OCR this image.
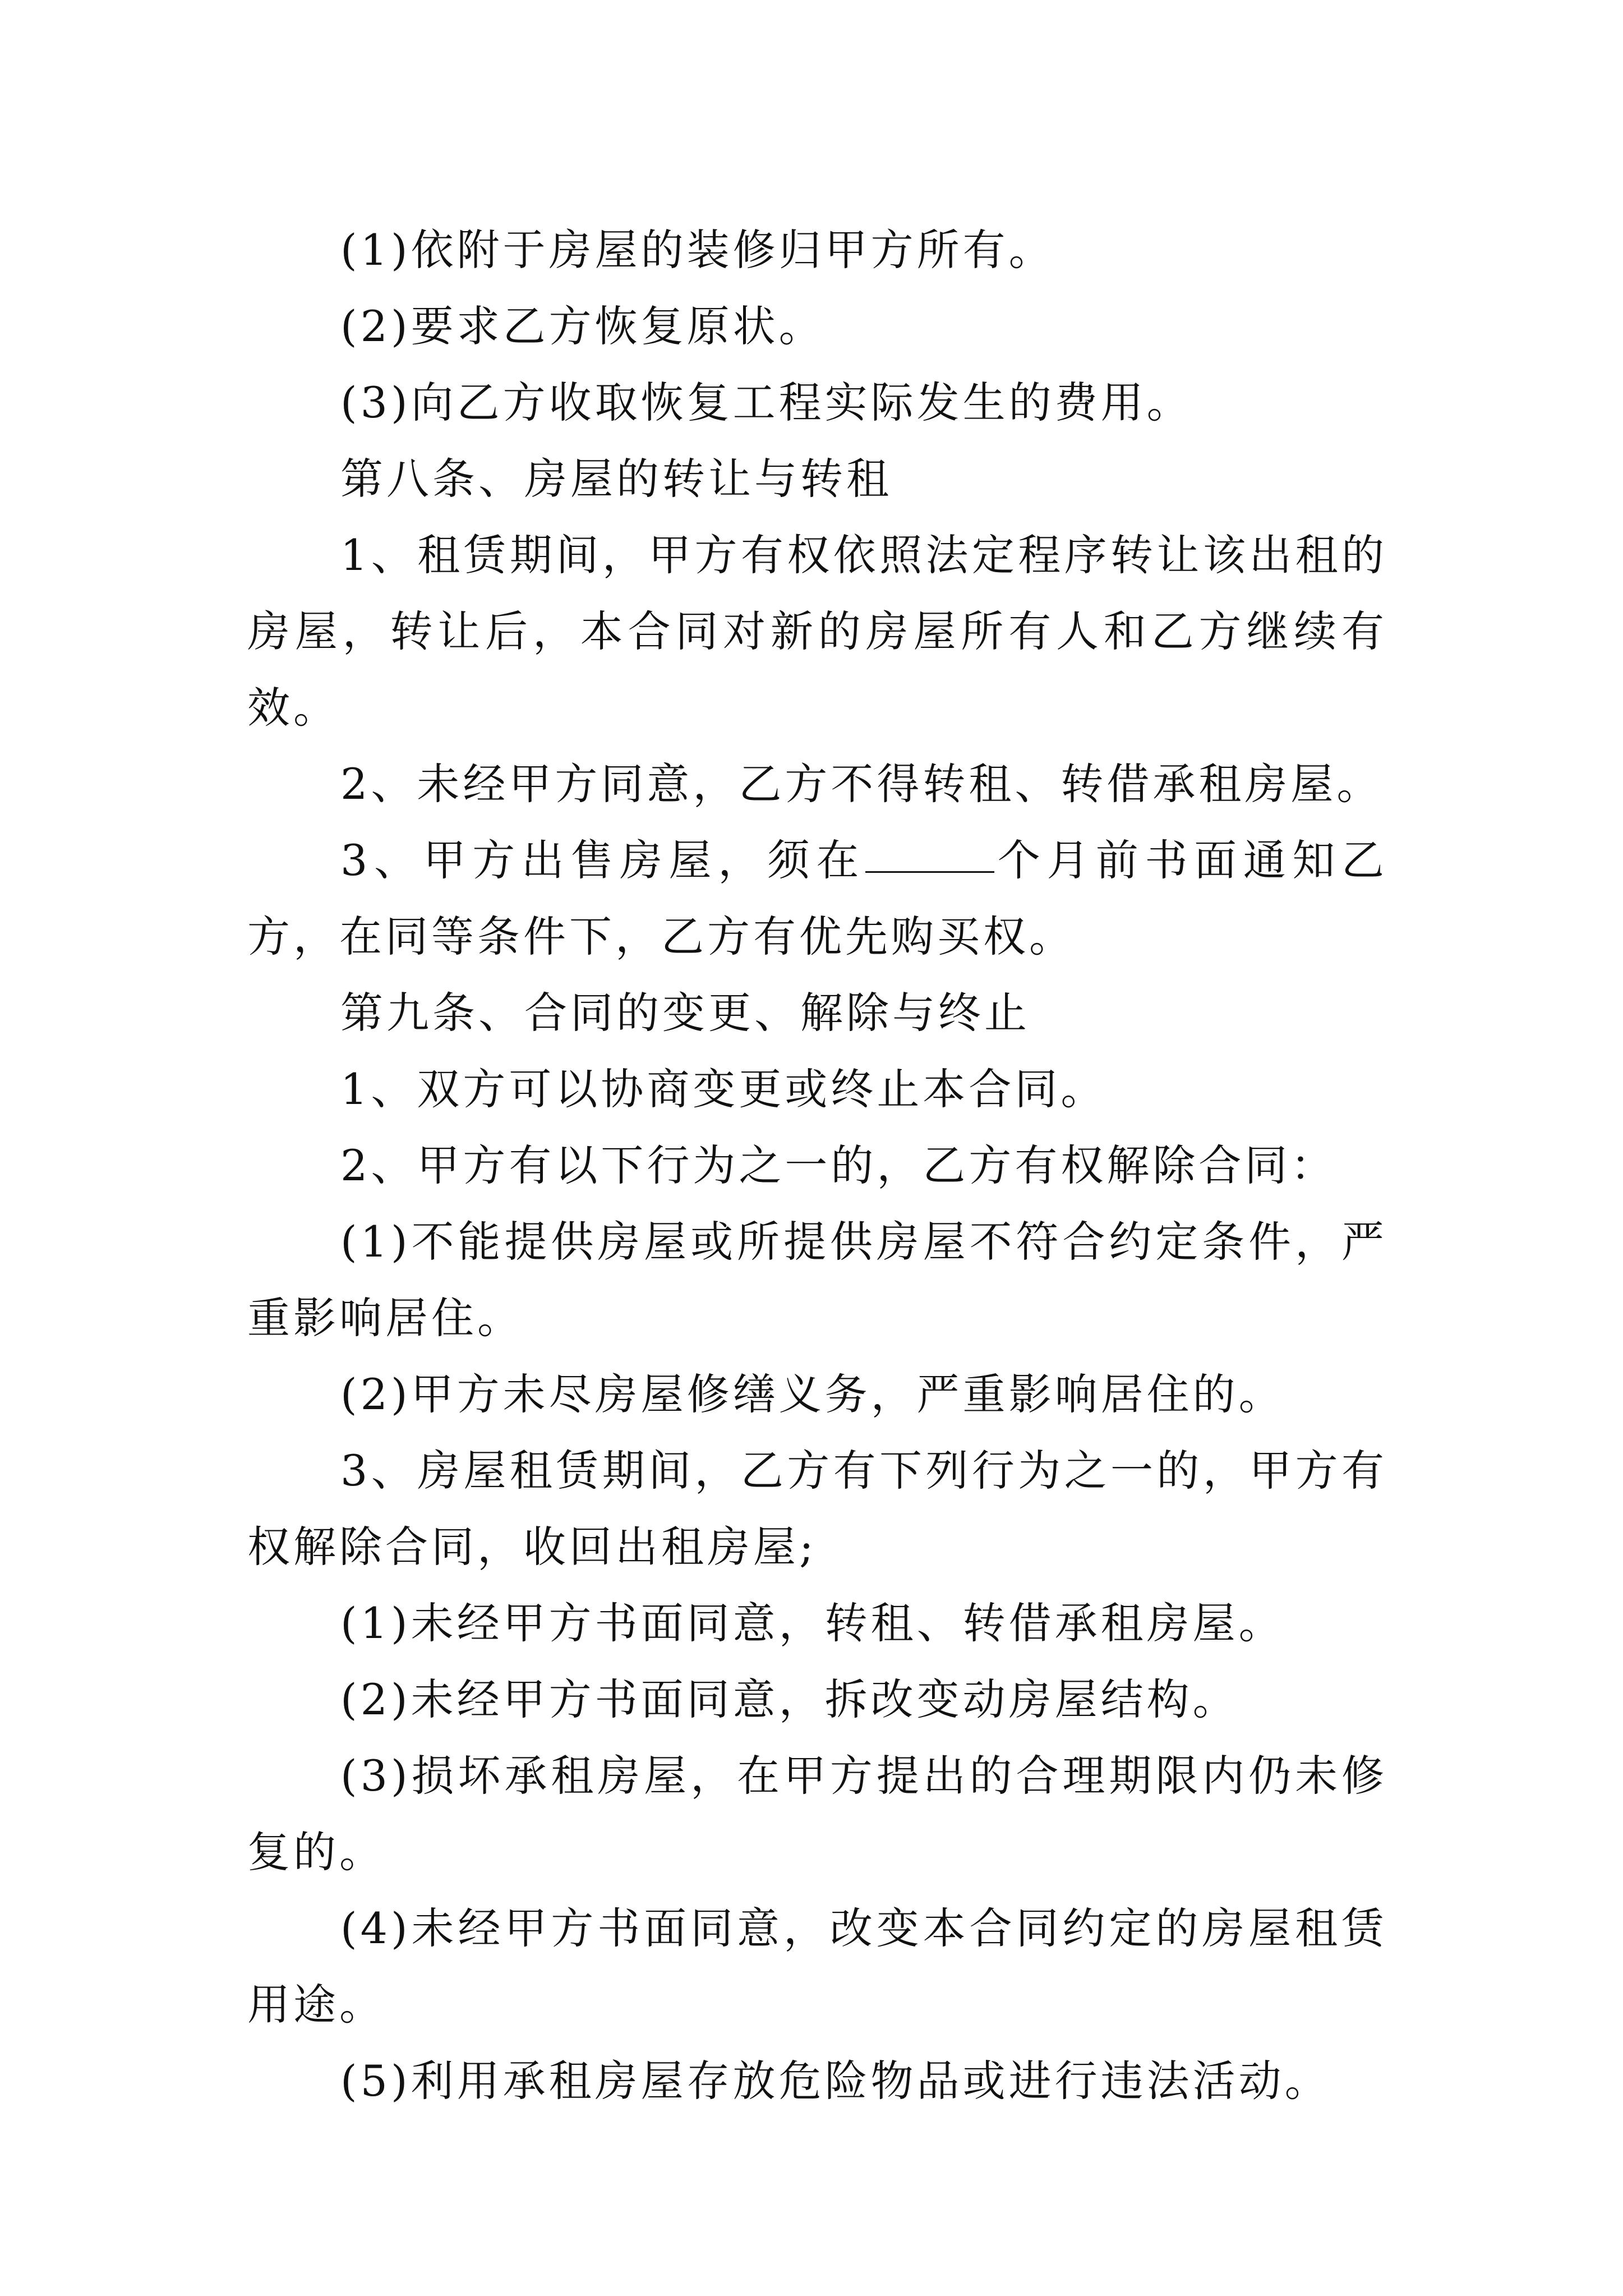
(1)依附于房屋的装修归甲方所有。

(2)要求乙方恢复原状。

(3)向乙方收取恢复工程实际发生的费用。

第八条、房屋的转让与转租

1、租赁期间，甲方有权依照法定程序转让该出租的房屋，转让后，本合同对新的房屋所有人和乙方继续有效。

2、未经甲方同意，乙方不得转租、转借承租房屋。

3、甲方出售房屋，须在	个月前书面通知乙方，在同等条件下，乙方有优先购买权。

第九条、合同的变更、解除与终止

1、双方可以协商变更或终止本合同。

2、甲方有以下行为之一的，乙方有权解除合同：

(1)不能提供房屋或所提供房屋不符合约定条件，严重影响居住。

(2)甲方未尽房屋修缮义务，严重影响居住的。

3、房屋租赁期间，乙方有下列行为之一的，甲方有权解除合同，收回出租房屋;

(1)未经甲方书面同意，转租、转借承租房屋。

(2)未经甲方书面同意，拆改变动房屋结构。

(3)损坏承租房屋，在甲方提出的合理期限内仍未修复的。

(4)未经甲方书面同意，改变本合同约定的房屋租赁用途。

(5)利用承租房屋存放危险物品或进行违法活动。
